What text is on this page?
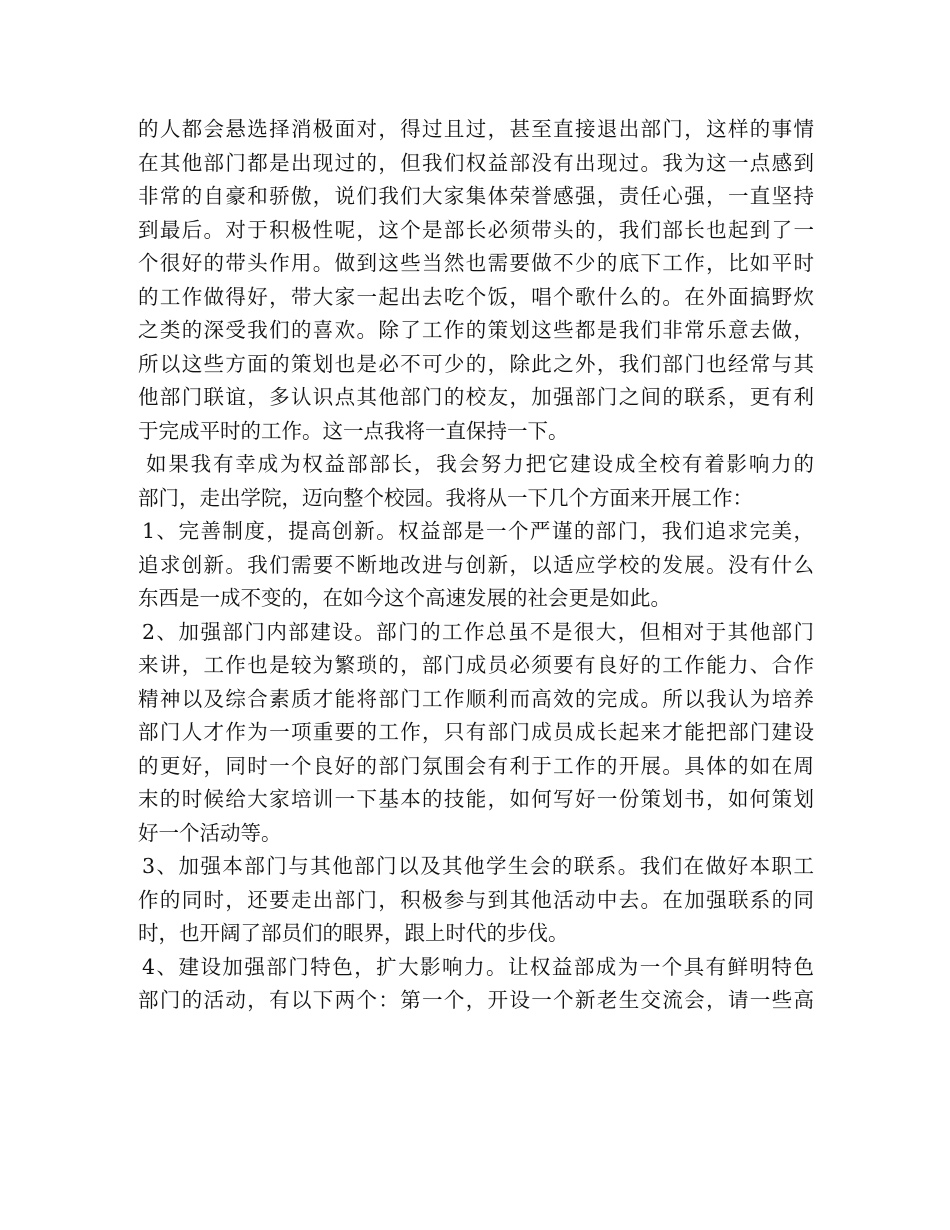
的人都会悬选择消极面对，得过且过，甚至直接退出部门，这样的事情
在其他部门都是出现过的，但我们权益部没有出现过。我为这一点感到
非常的自豪和骄傲，说们我们大家集体荣誉感强，责任心强，一直坚持
到最后。对于积极性呢，这个是部长必须带头的，我们部长也起到了一
个很好的带头作用。做到这些当然也需要做不少的底下工作，比如平时
的工作做得好，带大家一起出去吃个饭，唱个歌什么的。在外面搞野炊
之类的深受我们的喜欢。除了工作的策划这些都是我们非常乐意去做，
所以这些方面的策划也是必不可少的，除此之外，我们部门也经常与其
他部门联谊，多认识点其他部门的校友，加强部门之间的联系，更有利
于完成平时的工作。这一点我将一直保持一下。
如果我有幸成为权益部部长，我会努力把它建设成全校有着影响力的
部门，走出学院，迈向整个校园。我将从一下几个方面来开展工作：
1、完善制度，提高创新。权益部是一个严谨的部门，我们追求完美，
追求创新。我们需要不断地改进与创新，以适应学校的发展。没有什么
东西是一成不变的，在如今这个高速发展的社会更是如此。
2、加强部门内部建设。部门的工作总虽不是很大，但相对于其他部门
来讲，工作也是较为繁琐的，部门成员必须要有良好的工作能力、合作
精神以及综合素质才能将部门工作顺利而高效的完成。所以我认为培养
部门人才作为一项重要的工作，只有部门成员成长起来才能把部门建设
的更好，同时一个良好的部门氛围会有利于工作的开展。具体的如在周
末的时候给大家培训一下基本的技能，如何写好一份策划书，如何策划
好一个活动等。
3、加强本部门与其他部门以及其他学生会的联系。我们在做好本职工
作的同时，还要走出部门，积极参与到其他活动中去。在加强联系的同
时，也开阔了部员们的眼界，跟上时代的步伐。
4、建设加强部门特色，扩大影响力。让权益部成为一个具有鲜明特色
部门的活动，有以下两个：第一个，开设一个新老生交流会，请一些高
